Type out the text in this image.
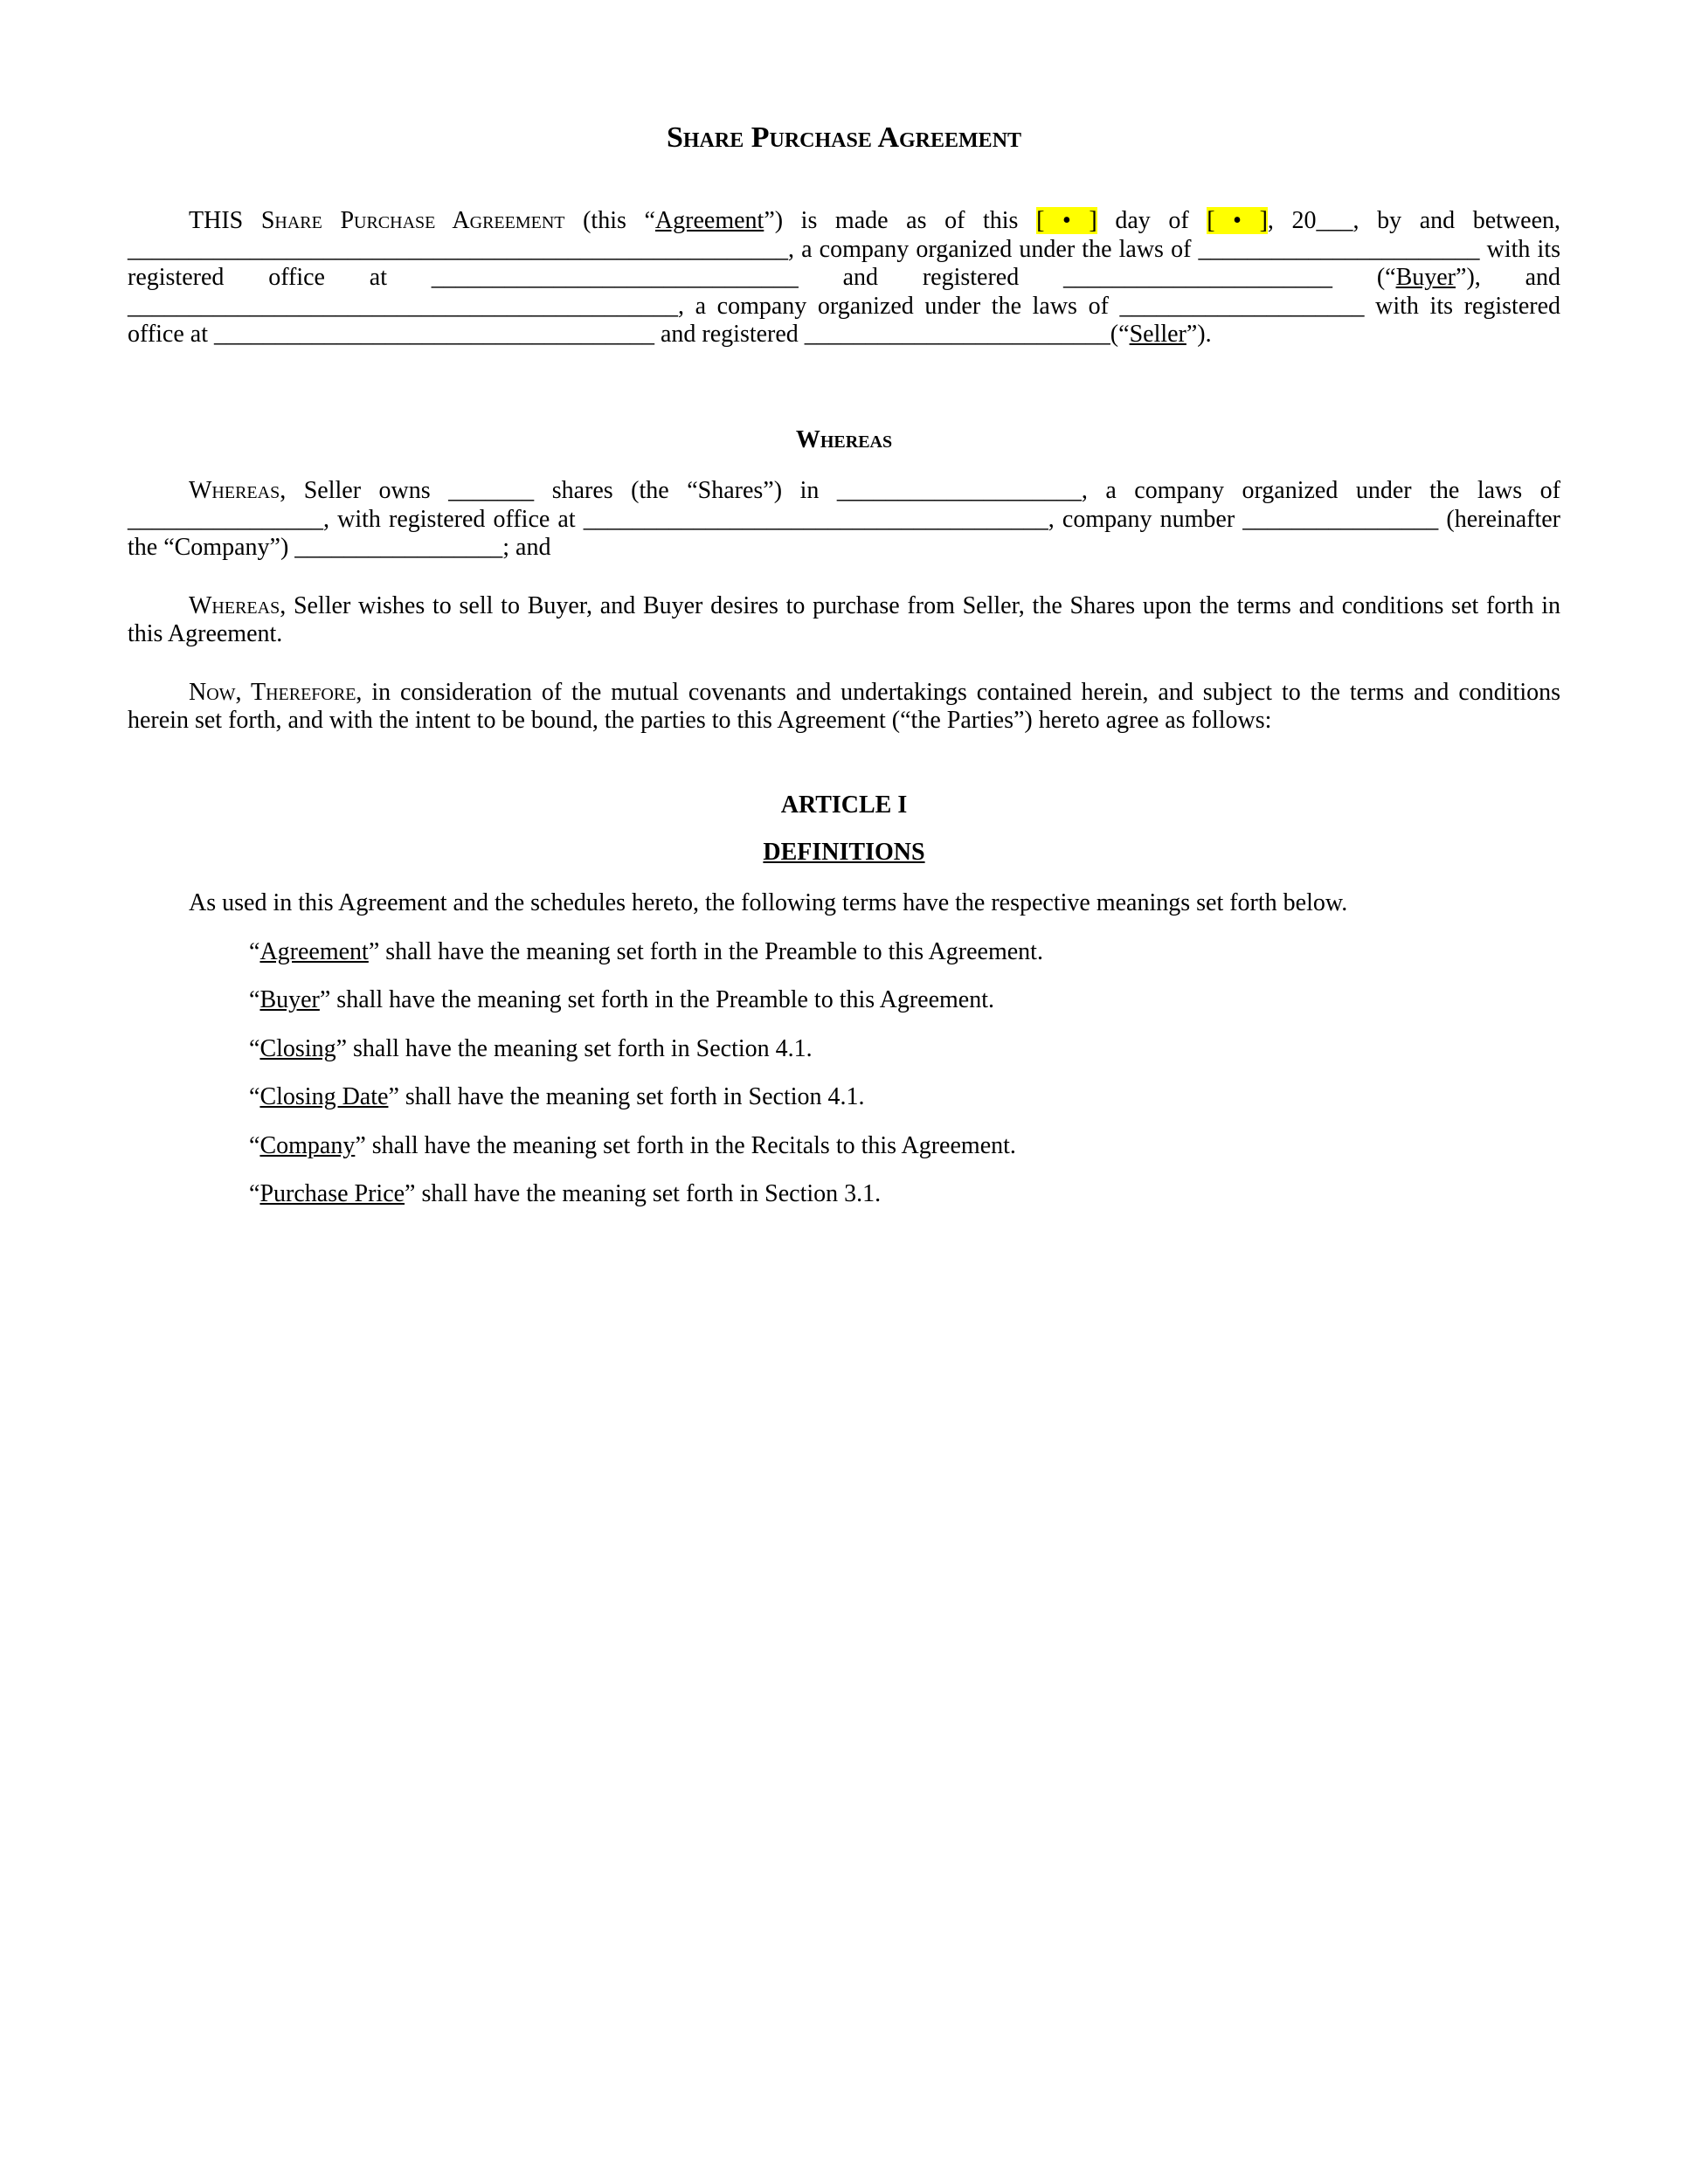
Share Purchase Agreement

THIS Share Purchase Agreement (this “Agreement”) is made as of this [ • ] day of [ • ], 20___, by and between, ______________________________________________________, a company organized under the laws of _______________________ with its registered office at ______________________________ and registered ______________________ (“Buyer”), and _____________________________________________, a company organized under the laws of ____________________ with its registered office at ____________________________________ and registered _________________________(“Seller”).

Whereas

Whereas, Seller owns _______ shares (the “Shares”) in ____________________, a company organized under the laws of ________________, with registered office at ______________________________________, company number ________________ (hereinafter the “Company”) _________________; and

Whereas, Seller wishes to sell to Buyer, and Buyer desires to purchase from Seller, the Shares upon the terms and conditions set forth in this Agreement.

Now, Therefore, in consideration of the mutual covenants and undertakings contained herein, and subject to the terms and conditions herein set forth, and with the intent to be bound, the parties to this Agreement (“the Parties”) hereto agree as follows:

ARTICLE I

DEFINITIONS

As used in this Agreement and the schedules hereto, the following terms have the respective meanings set forth below.

“Agreement” shall have the meaning set forth in the Preamble to this Agreement.

“Buyer” shall have the meaning set forth in the Preamble to this Agreement.

“Closing” shall have the meaning set forth in Section 4.1.

“Closing Date” shall have the meaning set forth in Section 4.1.

“Company” shall have the meaning set forth in the Recitals to this Agreement.

“Purchase Price” shall have the meaning set forth in Section 3.1.
